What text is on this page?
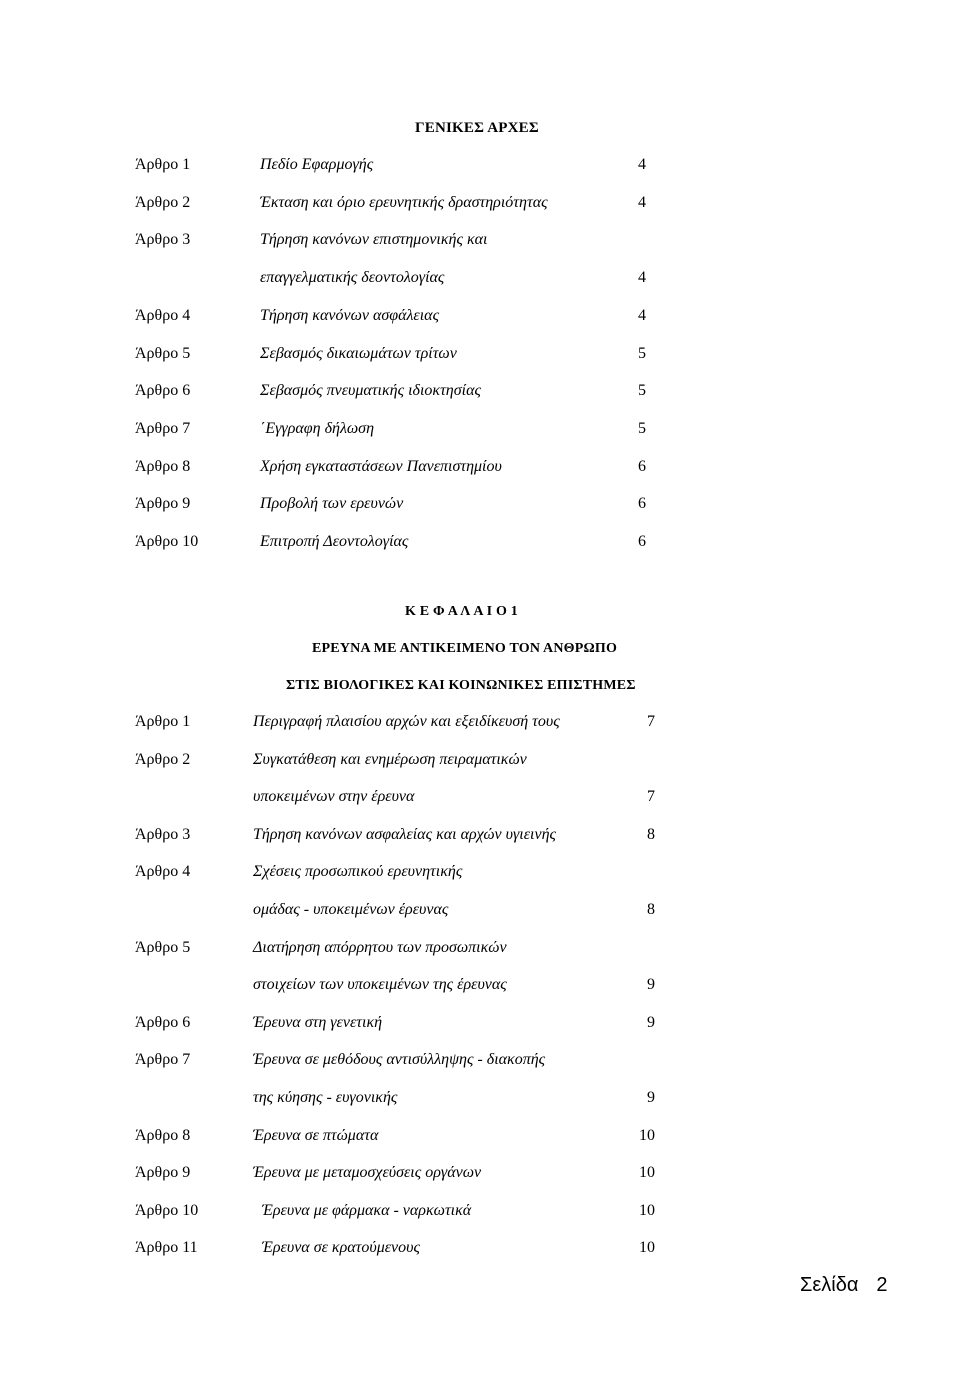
ΓΕΝΙΚΕΣ ΑΡΧΕΣ
Άρθρο 1	Πεδίο Εφαρμογής	4
Άρθρο 2	Έκταση και όριο ερευνητικής δραστηριότητας	4
Άρθρο 3	Τήρηση κανόνων επιστημονικής και
επαγγελματικής δεοντολογίας	4
Άρθρο 4	Τήρηση κανόνων ασφάλειας	4
Άρθρο 5	Σεβασμός δικαιωμάτων τρίτων	5
Άρθρο 6	Σεβασμός πνευματικής ιδιοκτησίας	5
Άρθρο 7	΄Εγγραφη δήλωση	5
Άρθρο 8	Χρήση εγκαταστάσεων Πανεπιστημίου	6
Άρθρο 9	Προβολή των ερευνών	6
Άρθρο 10	Επιτροπή Δεοντολογίας	6
Κ Ε Φ Α Λ Α Ι Ο 1
ΕΡΕΥΝΑ ΜΕ ΑΝΤΙΚΕΙΜΕΝΟ ΤΟΝ ΑΝΘΡΩΠΟ
ΣΤΙΣ ΒΙΟΛΟΓΙΚΕΣ ΚΑΙ ΚΟΙΝΩΝΙΚΕΣ ΕΠΙΣΤΗΜΕΣ
Άρθρο 1	Περιγραφή πλαισίου αρχών και εξειδίκευσή τους	7
Άρθρο 2	Συγκατάθεση και ενημέρωση πειραματικών
υποκειμένων στην έρευνα	7
Άρθρο 3	Τήρηση κανόνων ασφαλείας και αρχών υγιεινής	8
Άρθρο 4	Σχέσεις προσωπικού ερευνητικής
ομάδας - υποκειμένων έρευνας	8
Άρθρο 5	Διατήρηση απόρρητου των προσωπικών
στοιχείων των υποκειμένων της έρευνας	9
Άρθρο 6	Έρευνα στη γενετική	9
Άρθρο 7	Έρευνα σε μεθόδους αντισύλληψης - διακοπής
της κύησης - ευγονικής	9
Άρθρο 8	Έρευνα σε πτώματα	10
Άρθρο 9	Έρευνα με μεταμοσχεύσεις οργάνων	10
Άρθρο 10	Έρευνα με φάρμακα - ναρκωτικά	10
Άρθρο 11	Έρευνα σε κρατούμενους	10
Σελίδα 2
